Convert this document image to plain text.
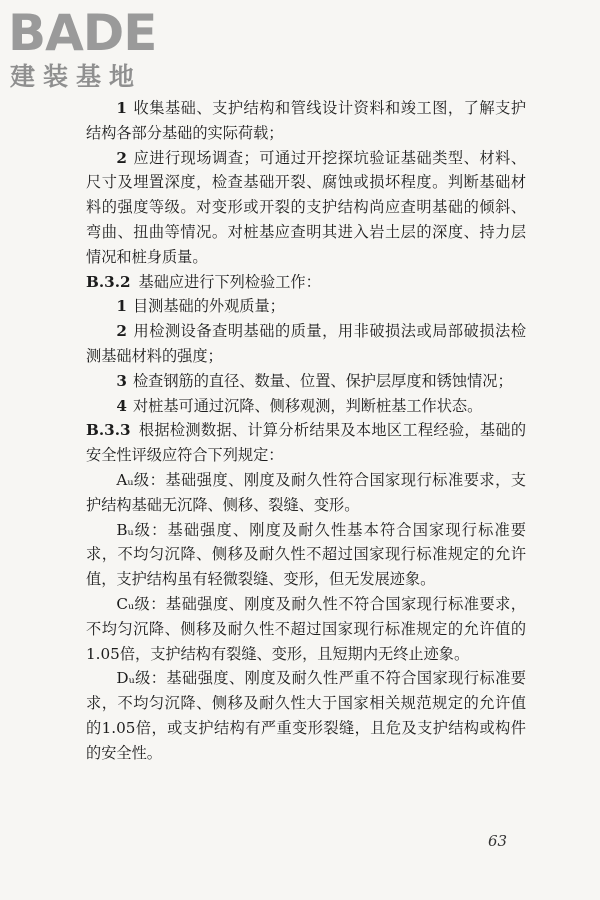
BADE
建装基地

1 收集基础、支护结构和管线设计资料和竣工图，了解支护结构各部分基础的实际荷载；

2 应进行现场调查；可通过开挖探坑验证基础类型、材料、尺寸及埋置深度，检查基础开裂、腐蚀或损坏程度。判断基础材料的强度等级。对变形或开裂的支护结构尚应查明基础的倾斜、弯曲、扭曲等情况。对桩基应查明其进入岩土层的深度、持力层情况和桩身质量。

B.3.2 基础应进行下列检验工作：

1 目测基础的外观质量；

2 用检测设备查明基础的质量，用非破损法或局部破损法检测基础材料的强度；

3 检查钢筋的直径、数量、位置、保护层厚度和锈蚀情况；

4 对桩基可通过沉降、侧移观测，判断桩基工作状态。

B.3.3 根据检测数据、计算分析结果及本地区工程经验，基础的安全性评级应符合下列规定：

Aᵤ级：基础强度、刚度及耐久性符合国家现行标准要求，支护结构基础无沉降、侧移、裂缝、变形。

Bᵤ级：基础强度、刚度及耐久性基本符合国家现行标准要求，不均匀沉降、侧移及耐久性不超过国家现行标准规定的允许值，支护结构虽有轻微裂缝、变形，但无发展迹象。

Cᵤ级：基础强度、刚度及耐久性不符合国家现行标准要求，不均匀沉降、侧移及耐久性不超过国家现行标准规定的允许值的1.05倍，支护结构有裂缝、变形，且短期内无终止迹象。

Dᵤ级：基础强度、刚度及耐久性严重不符合国家现行标准要求，不均匀沉降、侧移及耐久性大于国家相关规范规定的允许值的1.05倍，或支护结构有严重变形裂缝，且危及支护结构或构件的安全性。

63
